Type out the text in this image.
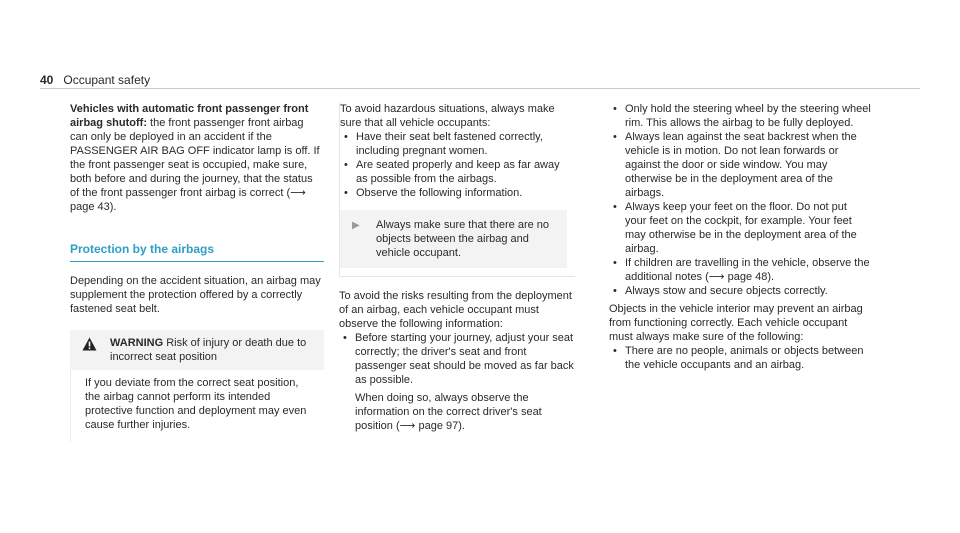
40 Occupant safety

Vehicles with automatic front passenger front airbag shutoff: the front passenger front airbag can only be deployed in an accident if the PASSENGER AIR BAG OFF indicator lamp is off. If the front passenger seat is occupied, make sure, both before and during the journey, that the status of the front passenger front airbag is correct (⟶ page 43).

Protection by the airbags

Depending on the accident situation, an airbag may supplement the protection offered by a correctly fastened seat belt.

WARNING Risk of injury or death due to incorrect seat position
If you deviate from the correct seat position, the airbag cannot perform its intended protective function and deployment may even cause further injuries.

To avoid hazardous situations, always make sure that all vehicle occupants:

• Have their seat belt fastened correctly, including pregnant women.
• Are seated properly and keep as far away as possible from the airbags.
• Observe the following information.
▶	Always make sure that there are no objects between the airbag and vehicle occupant.

To avoid the risks resulting from the deployment of an airbag, each vehicle occupant must observe the following information:

• Before starting your journey, adjust your seat correctly; the driver's seat and front passenger seat should be moved as far back as possible.

When doing so, always observe the information on the correct driver's seat position (⟶ page 97).

• Only hold the steering wheel by the steering wheel rim. This allows the airbag to be fully deployed.
• Always lean against the seat backrest when the vehicle is in motion. Do not lean forwards or against the door or side window. You may otherwise be in the deployment area of the airbags.
• Always keep your feet on the floor. Do not put your feet on the cockpit, for example. Your feet may otherwise be in the deployment area of the airbag.
• If children are travelling in the vehicle, observe the additional notes (⟶ page 48).
• Always stow and secure objects correctly.

Objects in the vehicle interior may prevent an airbag from functioning correctly. Each vehicle occupant must always make sure of the following:

• There are no people, animals or objects between the vehicle occupants and an airbag.
